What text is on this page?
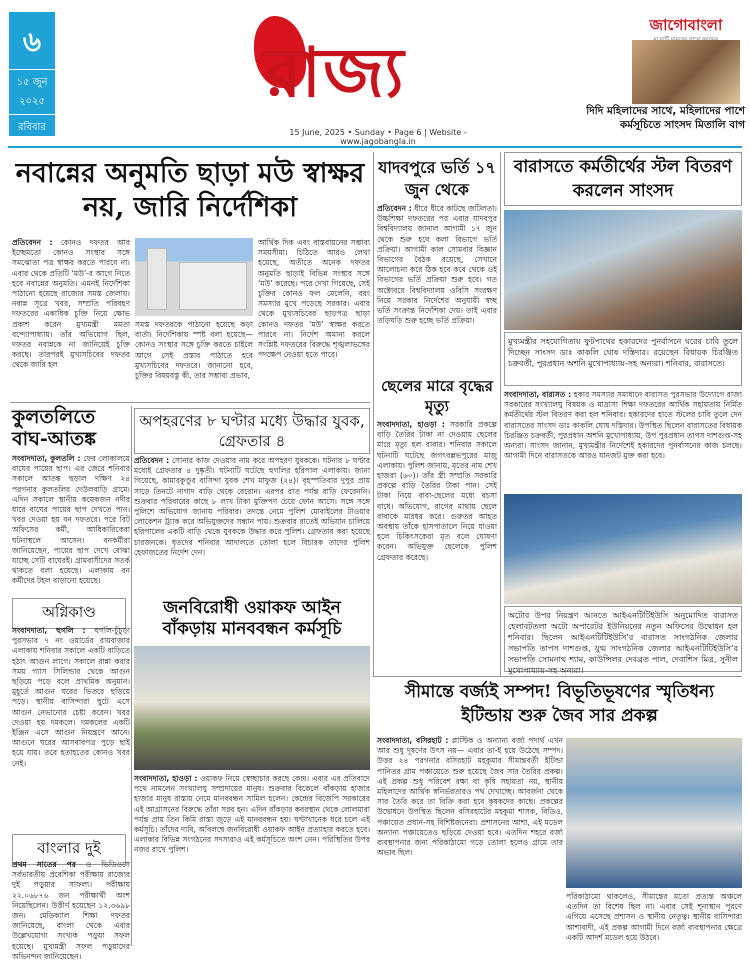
৬
১৫ জুন
২০২৫
রবিবার
রাজ্য
15 June, 2025 • Sunday • Page 6 | Website - www.jagobangla.in
জাগোবাংলা
দিদি মহিলাদের সাথে, মহিলাদের পাশে কর্মসূচিতে সাংসদ মিতালি বাগ
নবান্নের অনুমতি ছাড়া মউ স্বাক্ষর নয়, জারি নির্দেশিকা
প্রতিবেদন : কোনও দফতর আর ইচ্ছেমতো কোনও সংস্থার সঙ্গে সমঝোতা পত্র স্বাক্ষর করতে পারবে না। এবার থেকে প্রতিটি ‘মউ’-র আগে নিতে হবে নবান্নের অনুমতি। এমনই নির্দেশিকা পাঠানো হয়েছে রাজ্যের সমস্ত জেলায়। নবান্ন সূত্রে খবর, সম্প্রতি পরিবহণ দফতরের একাধিক চুক্তি নিয়ে ক্ষোভ প্রকাশ করেন মুখ্যমন্ত্রী মমতা বন্দ্যোপাধ্যায়। তাঁর অভিযোগ ছিল, দফতর নবান্নকে না জানিয়েই চুক্তি করছে। তারপরই মুখ্যসচিবের দফতর থেকে জারি হল
সমস্ত দফতরকে পাঠানো হয়েছে কড়া বার্তা। নির্দেশিকায় স্পষ্ট বলা হয়েছে— কোনও সংস্থার সঙ্গে চুক্তি করতে চাইলে আগে সেই প্রস্তাব পাঠাতে হবে মুখ্যসচিবের দফতরে। জানানো হবে, চুক্তির বিষয়বস্তু কী, তার সম্ভাব্য প্রভাব,
আর্থিক দিক এবং বাস্তবায়নের সম্ভাব্য সময়সীমা। চিঠিতে আরও লেখা হয়েছে, অতীতে অনেক দফতর অনুমতি ছাড়াই বিভিন্ন সংস্থার সঙ্গে ‘মউ’ করেছে। পরে দেখা গিয়েছে, সেই চুক্তির কোনও ফল মেলেনি, বরং সমস্যার মুখে পড়েছে সরকার। এবার থেকে মুখ্যসচিবের ছাড়পত্র ছাড়া কোনও দফতর ‘মউ’ স্বাক্ষর করতে পারবে না। নির্দেশ অমান্য করলে সংশ্লিষ্ট দফতরের বিরুদ্ধে শৃঙ্খলাভঙ্গের পদক্ষেপ নেওয়া হতে পারে।
কুলতলিতে বাঘ-আতঙ্ক
সংবাদদাতা, কুলতলি : ফের লোকালয়ে বাঘের পায়ের ছাপ। এর জেরে শনিবার সকালে আতঙ্ক ছড়াল দক্ষিণ ২৪ পরগনার কুলতলির দেউলবাড়ি গ্রামে। এদিন সকালে স্থানীয় কয়েকজন নদীর ধারে বাঘের পায়ের ছাপ দেখতে পান। খবর দেওয়া হয় বন দফতরে। পরে বিট অফিসের কর্মী, আধিকারিকেরা ঘটনাস্থলে আসেন। বনকর্মীরা জানিয়েছেন, পায়ের ছাপ দেখে বোঝা যাচ্ছে সেটি বাঘেরই। গ্রামবাসীদের সতর্ক থাকতে বলা হয়েছে। এলাকায় বন কর্মীদের টহল বাড়ানো হয়েছে।
অপহরণের ৮ ঘণ্টার মধ্যে উদ্ধার যুবক, গ্রেফতার ৪
প্রতিবেদন : সোনার কাজ দেওয়ার নাম করে অপহরণ যুবককে। ঘটনার ৮ ঘণ্টার মধ্যেই গ্রেফতার ৪ দুষ্কৃতী। ঘটনাটি ঘটেছে হুগলির হরিপাল এলাকায়। জানা গিয়েছে, কামারকুণ্ডুর বাসিন্দা যুবক শেখ মাফুজ (২৪)। বৃহস্পতিবার দুপুর প্রায় সাড়ে তিনটে নাগাদ বাড়ি থেকে বেরোন। এরপর রাত পর্যন্ত বাড়ি ফেরেননি। শুক্রবার পরিবারের কাছে ৮ লাখ টাকা মুক্তিপণ চেয়ে ফোন আসে। সঙ্গে সঙ্গে পুলিশে অভিযোগ জানায় পরিবার। তদন্তে নেমে পুলিশ মোবাইলের টাওয়ার লোকেশন ট্র্যাক করে অভিযুক্তদের সন্ধান পায়। শুক্রবার রাতেই অভিযান চালিয়ে হরিপালের একটি বাড়ি থেকে যুবককে উদ্ধার করে পুলিশ। গ্রেফতার করা হয়েছে চারজনকে। ধৃতদের শনিবার আদালতে তোলা হলে বিচারক তাদের পুলিশ হেফাজতের নির্দেশ দেন।
অগ্নিকাণ্ড
সংবাদদাতা, হুগলি : হুগলি-চুঁচুড়া পুরসভার ৭ নং ওয়ার্ডের রায়বাজার এলাকায় শনিবার সকালে একটি বাড়িতে হঠাৎ আগুন লাগে। সকালে রান্না করার সময় গ্যাস সিলিন্ডার থেকে আগুন ছড়িয়ে পড়ে বলে প্রাথমিক অনুমান। মুহূর্তে আগুন ঘরের ভিতরে ছড়িয়ে পড়ে। স্থানীয় বাসিন্দারা ছুটে এসে আগুন নেভানোর চেষ্টা করেন। খবর দেওয়া হয় দমকলে। দমকলের একটি ইঞ্জিন এসে আগুন নিয়ন্ত্রণে আনে। আগুনে ঘরের আসবাবপত্র পুড়ে ছাই হয়ে যায়। তবে হতাহতের কোনও খবর নেই।
বাংলার দুই
প্রথম সাতের পর ও ভিডিওসে সর্বভারতীয় প্রবেশিকা পরীক্ষায় রাজ্যের দুই পড়ুয়ার সাফল্য। পরীক্ষায় ২২.০৬৮৭৬ জন পরীক্ষার্থী অংশ নিয়েছিলেন। উত্তীর্ণ হয়েছেন ১২.৩৬৯৮ জন। মেডিক্যাল শিক্ষা দফতর জানিয়েছে, বাংলা থেকে এবার উল্লেখযোগ্য সংখ্যক পড়ুয়া সফল হয়েছে। মুখ্যমন্ত্রী সফল পড়ুয়াদের অভিনন্দন জানিয়েছেন।
জনবিরোধী ওয়াকফ আইন বাঁকড়ায় মানববন্ধন কর্মসূচি
সংবাদদাতা, হাওড়া : ওয়াকফ নিয়ে স্বেচ্ছাচার করছে কেন্দ্র। এবার এর প্রতিবাদে পথে নামলেন সংখ্যালঘু সম্প্রদায়ের মানুষ। শুক্রবার বিকেলে বাঁকড়ায় হাজার হাজার মানুষ রাস্তায় নেমে মানববন্ধন সামিল হলেন। কেন্দ্রের বিজেপি সরকারের এই আগ্রাসনের বিরুদ্ধে তাঁরা সরব হন। এদিন বাঁকড়ার কবরস্থান থেকে লোলমারা পর্যন্ত প্রায় তিন কিমি রাস্তা জুড়ে এই মানববন্ধন হয়। ঘণ্টাখানেক ধরে চলে এই কর্মসূচি। তাঁদের দাবি, অবিলম্বে জনবিরোধী ওয়াকফ আইন প্রত্যাহার করতে হবে। এলাকার বিভিন্ন সংগঠনের সদস্যরাও এই কর্মসূচিতে অংশ নেন। পরিস্থিতির উপর নজর রাখে পুলিশ।
যাদবপুরে ভর্তি ১৭ জুন থেকে
প্রতিবেদন : ধীরে ধীরে কাটছে জটিলতা। উচ্চশিক্ষা দফতরের পর এবার যাদবপুর বিশ্ববিদ্যালয় জানাল আগামী ১৭ জুন থেকে শুরু হবে কলা বিভাগে ভর্তি প্রক্রিয়া। আগামী কাল সোমবার বিজ্ঞান বিভাগের বৈঠক রয়েছে, সেখানে আলোচনা করে ঠিক হবে কবে থেকে ওই বিভাগের ভর্তি প্রক্রিয়া শুরু হবে। গত অক্টোবরে বিশ্ববিদ্যালয় ওবিসি সংরক্ষণ নিয়ে সরকার নির্দেশের অনুযায়ী স্বচ্ছ ভর্তি সংক্রান্ত নির্দেশিকা দেয়। তাই এবার তড়িঘড়ি শুরু হচ্ছে ভর্তি প্রক্রিয়া।
ছেলের মারে বৃদ্ধের মৃত্যু
সংবাদদাতা, হাওড়া : সরকারি প্রকল্পে বাড়ি তৈরির টাকা না দেওয়ায় ছেলের মারে মৃত্যু হল বাবার। শনিবার সকালে ঘটনাটি ঘটেছে জগৎবল্লভপুরের মাজু এলাকায়। পুলিশ জানায়, মৃতের নাম শেখ হাজরা (৬০)। তাঁর স্ত্রী সম্প্রতি সরকারি প্রকল্পে বাড়ি তৈরির টাকা পান। সেই টাকা নিয়ে বাবা-ছেলের মধ্যে বচসা বাধে। অভিযোগ, রাগের মাথায় ছেলে বাবাকে মারধর করে। গুরুতর আহত অবস্থায় তাঁকে হাসপাতালে নিয়ে যাওয়া হলে চিকিৎসকেরা মৃত বলে ঘোষণা করেন। অভিযুক্ত ছেলেকে পুলিশ গ্রেফতার করেছে।
বারাসতে কর্মতীর্থের স্টল বিতরণ করলেন সাংসদ
মুখ্যমন্ত্রীর সহযোগিতায় ফুটপাথের হকারদের পুনর্বাসনে ঘরের চাবি তুলে দিচ্ছেন সাংসদ ডাঃ কাকলি ঘোষ দস্তিদার। রয়েছেন বিধায়ক চিরঞ্জিত চক্রবর্তী, পুরপ্রধান অশনি মুখোপাধ্যায়-সহ অন্যরা। শনিবার, বারাসতে।
সংবাদদাতা, বারাসত : হকার সমস্যার সমাধানে বারাসত পুরসভার উদ্যোগে রাজ্য সরকারের সংখ্যালঘু বিষয়ক ও মাদ্রাসা শিক্ষা দফতরের আর্থিক সহায়তায় নির্মিত কর্মতীর্থের স্টল বিতরণ করা হল শনিবার। হকারদের হাতে স্টলের চাবি তুলে দেন বারাসতের সাংসদ ডাঃ কাকলি ঘোষ দস্তিদার। উপস্থিত ছিলেন বারাসতের বিধায়ক চিরঞ্জিত চক্রবর্তী, পুরপ্রধান অশনি মুখোপাধ্যায়, উপ পুরপ্রধান তাপস দাশগুপ্ত-সহ অন্যরা। সাংসদ জানান, মুখ্যমন্ত্রীর নির্দেশেই হকারদের পুনর্বাসনের কাজ চলছে। আগামী দিনে বারাসতকে আরও যানজট মুক্ত করা হবে।
অটোর উপর নিয়ন্ত্রণ আনতে আইএনটিটিইউসি অনুমোদিত বারাসত হেলাবটতলা অটো অপারেটর ইউনিয়নের নতুন অফিসের উদ্বোধন হল শনিবার। ছিলেন আইএনটিটিইউসি’র বারাসত সাংগঠনিক জেলার সভাপতি তাপস দাশগুপ্ত, যুগ্ম সাংগঠনিক জেলার আইএনটিটিইউসি’র সভাপতি সোমনাথ শ্যাম, কাউন্সিলর দেবব্রত পাল, দেবাশিস মিত্র, সুনীল মুখোপাধ্যায়-সহ অন্যরা।
সীমান্তে বর্জ্যই সম্পদ! বিভূতিভূষণের স্মৃতিধন্য ইটিন্ডায় শুরু জৈব সার প্রকল্প
সংবাদদাতা, বসিরহাট : প্লাস্টিক ও অন্যান্য বর্জ্য পদার্থ এখন আর শুধু দূষণের উৎস নয়— এবার তা-ই হয়ে উঠেছে সম্পদ। উত্তর ২৪ পরগনার বসিরহাট মহকুমার সীমান্তবর্তী ইটিন্ডা পানিতর গ্রাম পঞ্চায়েতে শুরু হয়েছে জৈব সার তৈরির প্রকল্প। এই প্রকল্প শুধু পরিবেশ রক্ষা বা কৃষি সহায়তা নয়, স্থানীয় মহিলাদের আর্থিক স্বনির্ভরতারও পথ দেখাচ্ছে। আবর্জনা থেকে সার তৈরি করে তা বিক্রি করা হবে কৃষকদের কাছে। প্রকল্পের উদ্বোধনে উপস্থিত ছিলেন বসিরহাটের মহকুমা শাসক, বিডিও, পঞ্চায়েত প্রধান-সহ বিশিষ্টজনেরা। প্রশাসনের আশা, এই মডেল অন্যান্য পঞ্চায়েতেও ছড়িয়ে দেওয়া হবে। এতদিন শহরে বর্জ্য ব্যবস্থাপনার জন্য পরিকাঠামো গড়ে তোলা হলেও গ্রামে তার অভাব ছিল।
পরিকাঠামো থাকলেও, সীমান্তের মতো প্রত্যন্ত অঞ্চলে এতদিন তা বিশেষ ছিল না। এবার সেই শূন্যস্থান পূরণে এগিয়ে এসেছে প্রশাসন ও স্থানীয় নেতৃত্ব। স্থানীয় বাসিন্দারা আশাবাদী, এই প্রকল্প আগামী দিনে বর্জ্য ব্যবস্থাপনার ক্ষেত্রে একটি আদর্শ মডেল হয়ে উঠবে।
